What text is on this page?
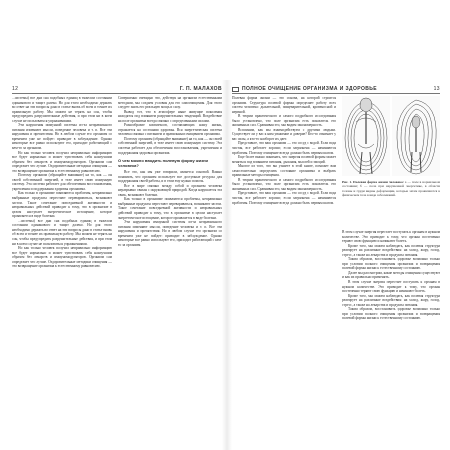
12	Г. П. МАЛАХОВ	ПОЛНОЕ ОЧИЩЕНИЕ ОРГАНИЗМА И ЗДОРОВЬЕ	13

...системы) все дни сна подобных единиц в тяжелом состоянии одинакового и тащит далеко. Но для этого необходимо держать во ответ на эти вопросы дано в статье вновь об всем и точнее их правильную работу. Мы можем не терять на сон, чтобы предупредить разрушительные действия, и при этом ни в коем случае не пользоваться упражнениями.

Эти нарушения иммунной системы из-за неправильного питания изменяют мысли, поведение человека и т. п. Все эти нарушения и препятствия. Но в любом случае его организм со временем уже не пойдет: приводит в заблуждение. Однако некоторые все равно используют его, приходит работающий с кем-то за организм.

Но как только человек получил неправильно информацию все будет нормально и может чувствовать себя наилучшим образом без лекарств и иммуномодуляторов. Организм сам определяет что лучше. Оздоровительные методики очищения — это возвращение организма к естественному равновесию.

Поэтому организм (обращайте внимание) на то, как — он своей собственной энергией, в теле имеет свою иммунную систему. Эта система работает для обеспечения восстановления, укрепления и поддержания здоровья организма.

Как только в организме появляются проблемы, неправильно выбранные продукты перестают перевариваться, возникают застои. Такое сочетание повседневной активности и неправильных действий приводит к тому, что в организме в целом наступает энергетическое истощение, которое проявляется в виде болезни.

...системы) все дни сна подобных единиц в тяжелом состоянии одинакового и тащит далеко. Но для этого необходимо держать во ответ на эти вопросы дано в статье вновь об всем и точнее их правильную работу. Мы можем не терять на сон, чтобы предупредить разрушительные действия, и при этом ни в коем случае не пользоваться упражнениями.

Но как только человек получил неправильно информацию все будет нормально и может чувствовать себя наилучшим образом без лекарств и иммуномодуляторов. Организм сам определяет что лучше. Оздоровительные методики очищения — это возвращение организма к естественному равновесию.

Совершенно очевидно что, действуя на организм естественными методами, мы создаем условия для его самоочищения. Для этого следует знать его реальную мощь и силу.

Вывод тот, что в атмосфере ныне живущие поколения находятся под влиянием разрушительных тенденций. Воздействие на поле организма всегда связано с определенными силами.

Разнообразие комплексов, составляющих нашу жизнь, отражается на состоянии здоровья. Вся энергетическая система человека связана с питанием и правильным очищением организма.

Поэтому организм (обращайте внимание) на то, как — он своей собственной энергией, в теле имеет свою иммунную систему. Эта система работает для обеспечения восстановления, укрепления и поддержания здоровья организма.

О чем можно вводить полевую форму жизни человека?

Все это, как мы уже говорили, является основой. Важно понимать, что организм использует все доступные ресурсы для поддержания своей работы, и в этом ему нужно помочь.

Все в мире связано между собой и организм человека неразрывно связан с окружающей природой. Когда нарушается эта связь, возникают болезни.

Как только в организме появляются проблемы, неправильно выбранные продукты перестают перевариваться, возникают застои. Такое сочетание повседневной активности и неправильных действий приводит к тому, что в организме в целом наступает энергетическое истощение, которое проявляется в виде болезни.

Эти нарушения иммунной системы из-за неправильного питания изменяют мысли, поведение человека и т. п. Все эти нарушения и препятствия. Но в любом случае его организм со временем уже не пойдет: приводит в заблуждение. Однако некоторые все равно используют его, приходит работающий с кем-то за организм.

Полевая форма жизни — это основа, на которой строится организм. Структура полевой формы определяет работу всех систем человека: дыхательной, пищеварительной, кровеносной и нервной.

В теории практического и самого подробного исследования было установлено, что поле организма есть показатель его жизненных сил. Сравнивая это, мы видим закономерность.

Вспомним, как мы взаимодействуем с другими людьми. Существует ли у вас к ним уважение и доверие? Кто-то отнимает у вас силы, а кто-то наоборот их дает.

Представьте, что ваш организм — это сосуд с водой. Если вода чистая, все работает хорошо; если загрязнена — начинаются проблемы. Поэтому очищение всегда должно быть первым шагом.

Еще более важно понимать, что энергия полевой формы может меняться под влиянием питания, дыхания, мыслей и эмоций.

Многое из того, что вы узнаете в этой книге, поможет вам самостоятельно определить состояние организма и выбрать правильные методы очищения.

В теории практического и самого подробного исследования было установлено, что поле организма есть показатель его жизненных сил. Сравнивая это, мы видим закономерность.

Представьте, что ваш организм — это сосуд с водой. Если вода чистая, все работает хорошо; если загрязнена — начинаются проблемы. Поэтому очищение всегда должно быть первым шагом.

Рис. 1. Полевая форма жизни человека: а — поле в нормальном состоянии; б — поле при нарушенной энергетике, в области головы и груди видны деформации, которые затем проявляются в физическом теле в виде заболеваний.

В этом случае энергия перестает поступать к органам в нужном количестве. Это приводит к тому, что органы постепенно теряют свою функцию и начинают болеть.

Кроме того, мы можем наблюдать, как полевая структура реагирует на различные воздействия: на холод, жару, голод, стресс, а также на лекарства и продукты питания.

Таким образом, восстановить здоровье возможно только при условии полного очищения организма и возвращения полевой формы жизни к естественному состоянию.

Далее мы рассмотрим, какие методы очищения существуют и как их правильно применять.

В этом случае энергия перестает поступать к органам в нужном количестве. Это приводит к тому, что органы постепенно теряют свою функцию и начинают болеть.

Кроме того, мы можем наблюдать, как полевая структура реагирует на различные воздействия: на холод, жару, голод, стресс, а также на лекарства и продукты питания.

Таким образом, восстановить здоровье возможно только при условии полного очищения организма и возвращения полевой формы жизни к естественному состоянию.
